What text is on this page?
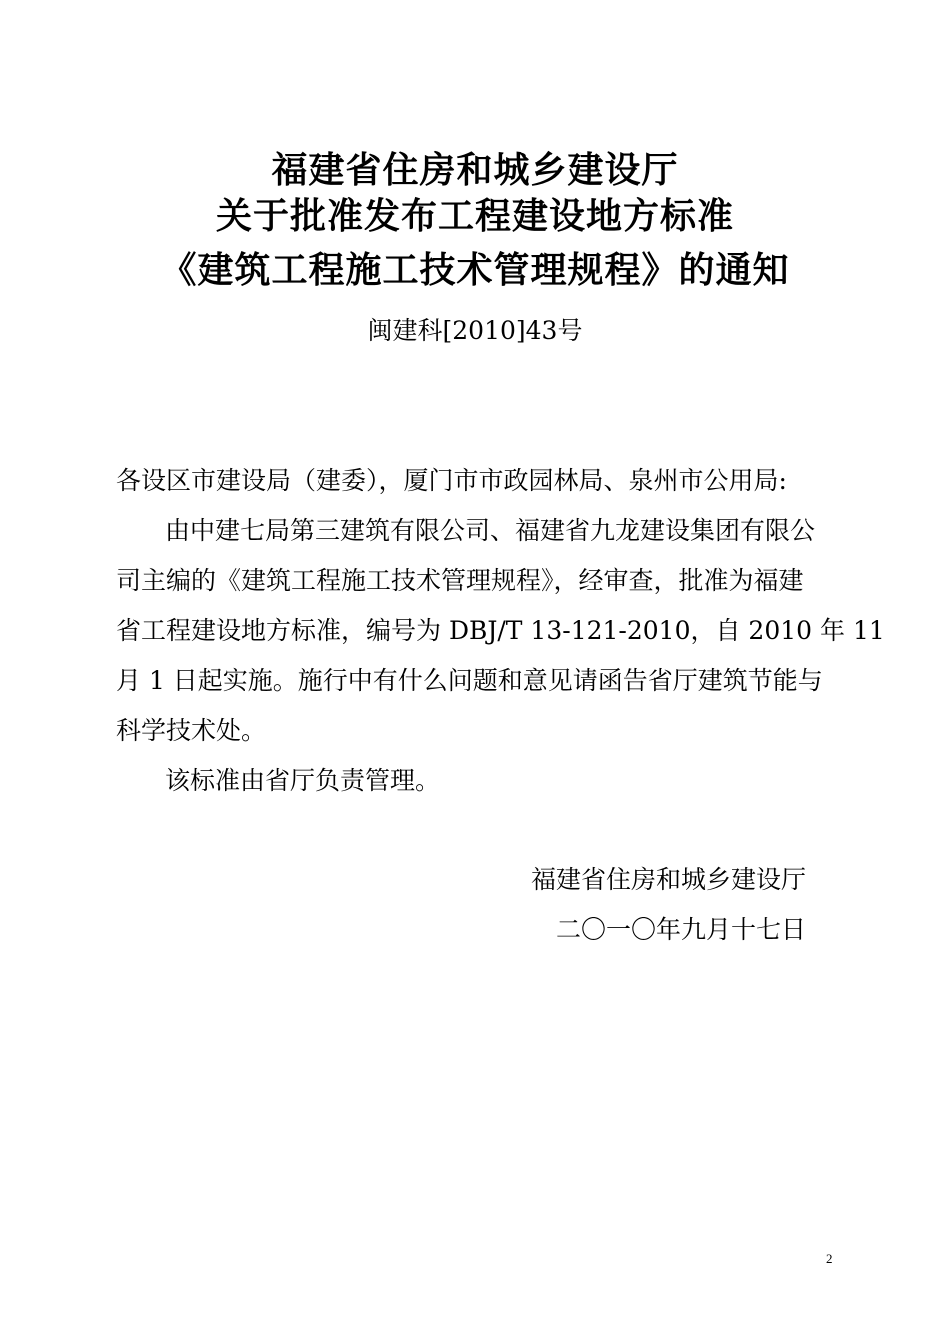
福建省住房和城乡建设厅
关于批准发布工程建设地方标准
《建筑工程施工技术管理规程》的通知
闽建科[2010]43号
各设区市建设局（建委），厦门市市政园林局、泉州市公用局:
由中建七局第三建筑有限公司、福建省九龙建设集团有限公
司主编的《建筑工程施工技术管理规程》，经审查，批准为福建
省工程建设地方标准，编号为 DBJ/T 13-121-2010，自 2010 年 11
月 1 日起实施。施行中有什么问题和意见请函告省厅建筑节能与
科学技术处。
该标准由省厅负责管理。
福建省住房和城乡建设厅
二〇一〇年九月十七日
2
